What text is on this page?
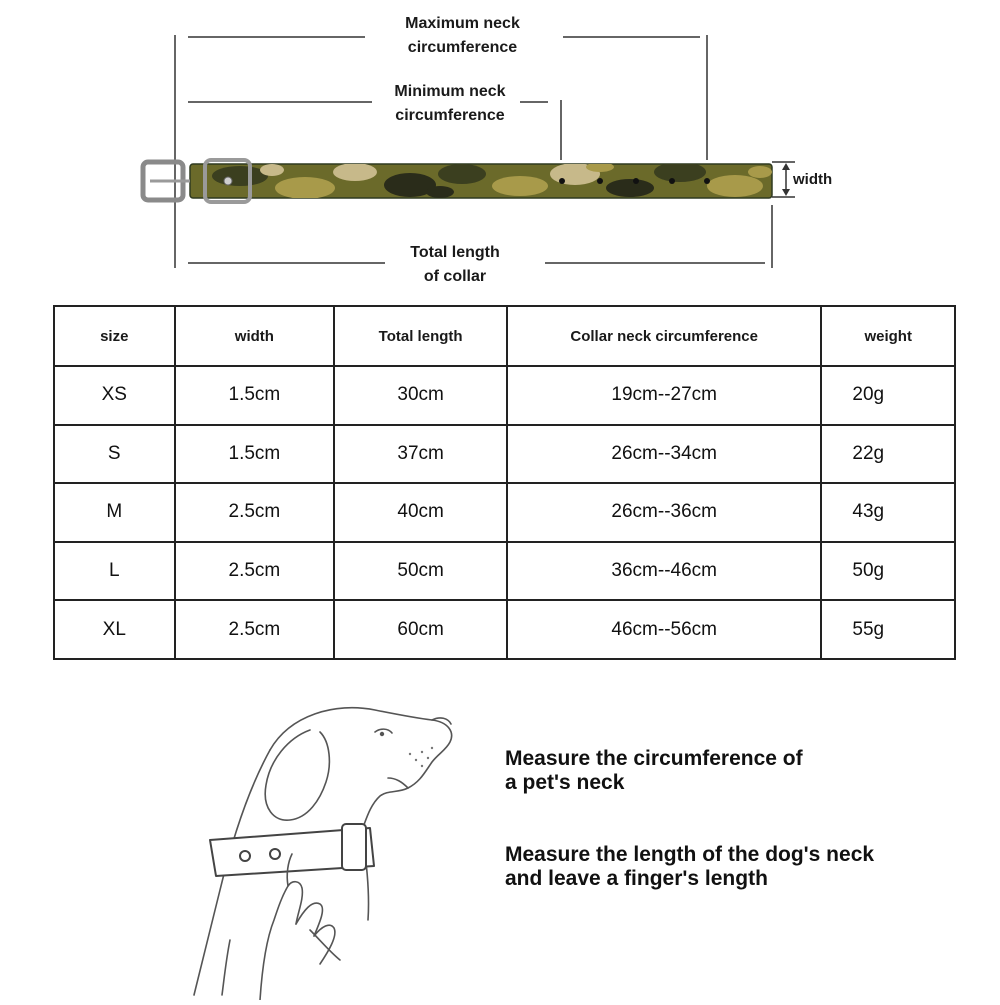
Maximum neck
circumference
Minimum neck
circumference
Total length
of collar
width
size	width	Total length	Collar neck circumference	weight
XS	1.5cm	30cm	19cm--27cm	20g
S	1.5cm	37cm	26cm--34cm	22g
M	2.5cm	40cm	26cm--36cm	43g
L	2.5cm	50cm	36cm--46cm	50g
XL	2.5cm	60cm	46cm--56cm	55g
Measure the circumference of
a pet's neck
Measure the length of the dog's neck
and leave a finger's length
